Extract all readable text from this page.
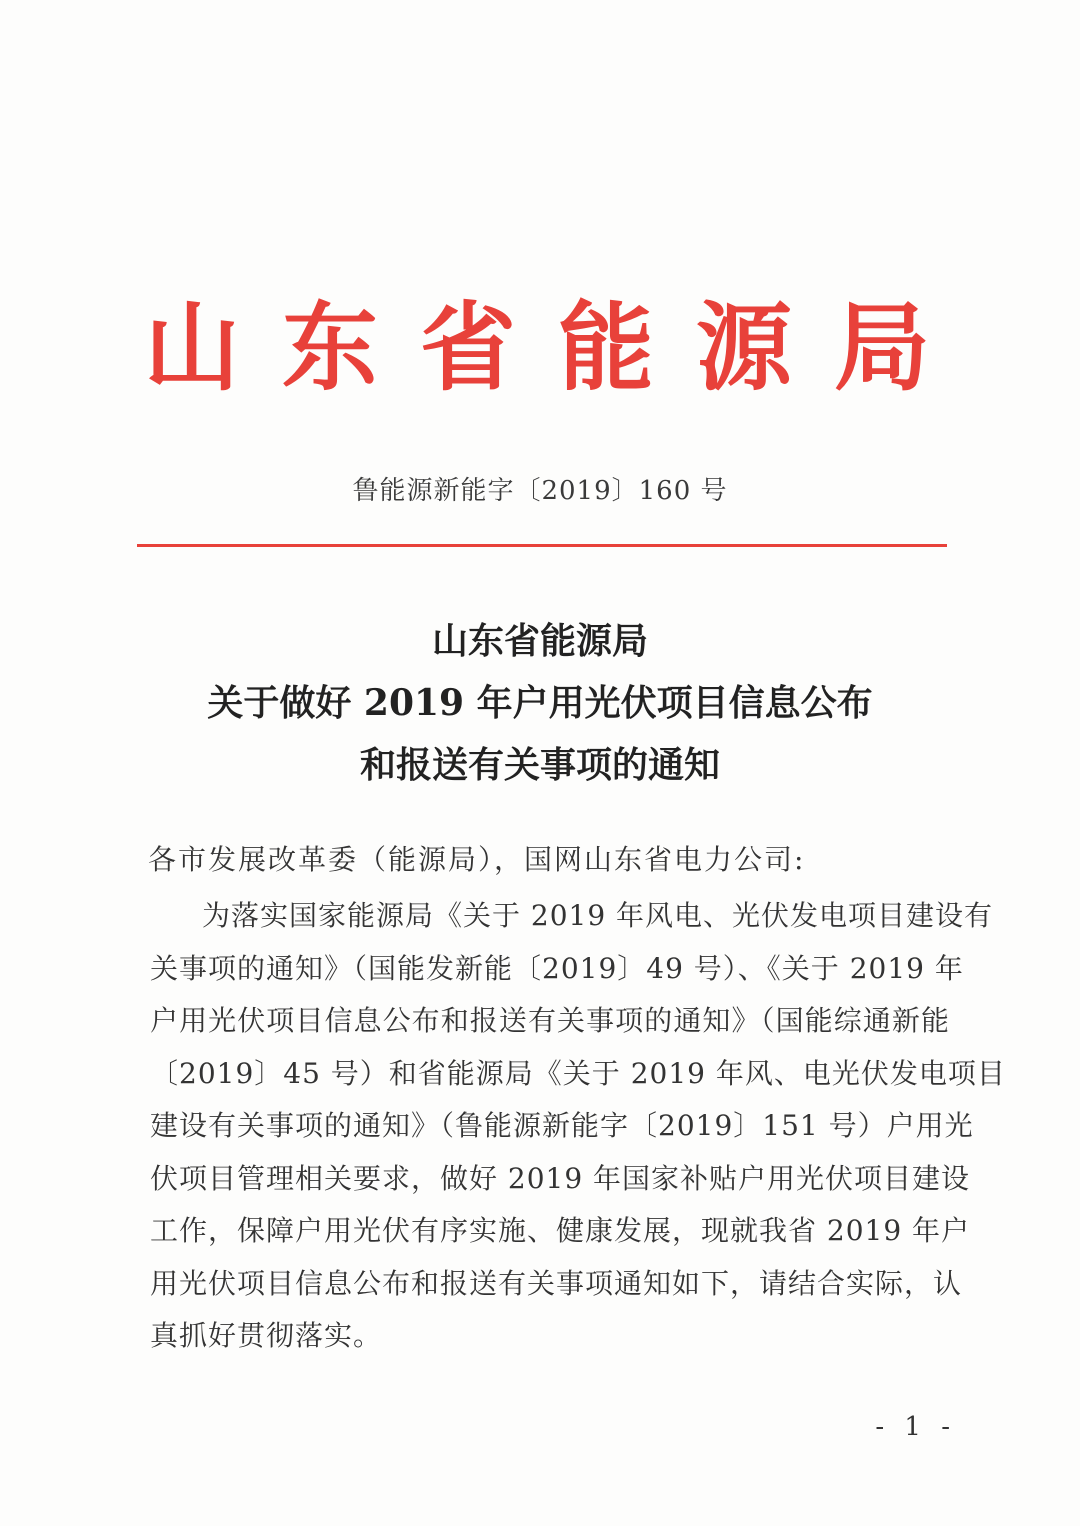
山东省能源局
鲁能源新能字〔2019〕160 号
山东省能源局
关于做好 2019 年户用光伏项目信息公布
和报送有关事项的通知
各市发展改革委（能源局），国网山东省电力公司:
为落实国家能源局《关于 2019 年风电、光伏发电项目建设有
关事项的通知》（国能发新能〔2019〕49 号）、《关于 2019 年
户用光伏项目信息公布和报送有关事项的通知》（国能综通新能
〔2019〕45 号）和省能源局《关于 2019 年风、电光伏发电项目
建设有关事项的通知》（鲁能源新能字〔2019〕151 号）户用光
伏项目管理相关要求，做好 2019 年国家补贴户用光伏项目建设
工作，保障户用光伏有序实施、健康发展，现就我省 2019 年户
用光伏项目信息公布和报送有关事项通知如下，请结合实际，认
真抓好贯彻落实。
- 1 -
